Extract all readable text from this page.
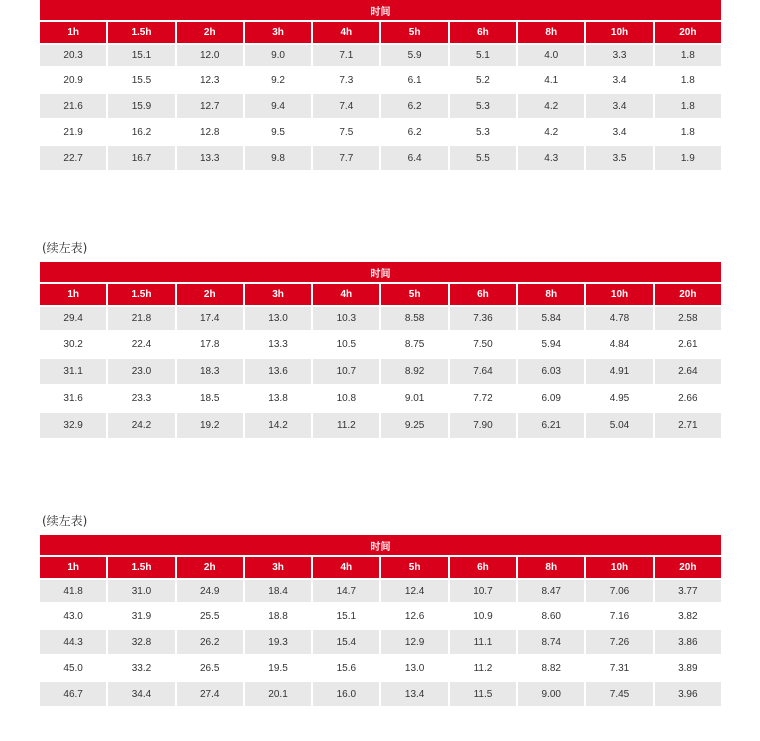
时间									
1h	1.5h	2h	3h	4h	5h	6h	8h	10h	20h
20.3	15.1	12.0	9.0	7.1	5.9	5.1	4.0	3.3	1.8
20.9	15.5	12.3	9.2	7.3	6.1	5.2	4.1	3.4	1.8
21.6	15.9	12.7	9.4	7.4	6.2	5.3	4.2	3.4	1.8
21.9	16.2	12.8	9.5	7.5	6.2	5.3	4.2	3.4	1.8
22.7	16.7	13.3	9.8	7.7	6.4	5.5	4.3	3.5	1.9
(续左表)
时间									
1h	1.5h	2h	3h	4h	5h	6h	8h	10h	20h
29.4	21.8	17.4	13.0	10.3	8.58	7.36	5.84	4.78	2.58
30.2	22.4	17.8	13.3	10.5	8.75	7.50	5.94	4.84	2.61
31.1	23.0	18.3	13.6	10.7	8.92	7.64	6.03	4.91	2.64
31.6	23.3	18.5	13.8	10.8	9.01	7.72	6.09	4.95	2.66
32.9	24.2	19.2	14.2	11.2	9.25	7.90	6.21	5.04	2.71
(续左表)
时间									
1h	1.5h	2h	3h	4h	5h	6h	8h	10h	20h
41.8	31.0	24.9	18.4	14.7	12.4	10.7	8.47	7.06	3.77
43.0	31.9	25.5	18.8	15.1	12.6	10.9	8.60	7.16	3.82
44.3	32.8	26.2	19.3	15.4	12.9	11.1	8.74	7.26	3.86
45.0	33.2	26.5	19.5	15.6	13.0	11.2	8.82	7.31	3.89
46.7	34.4	27.4	20.1	16.0	13.4	11.5	9.00	7.45	3.96
